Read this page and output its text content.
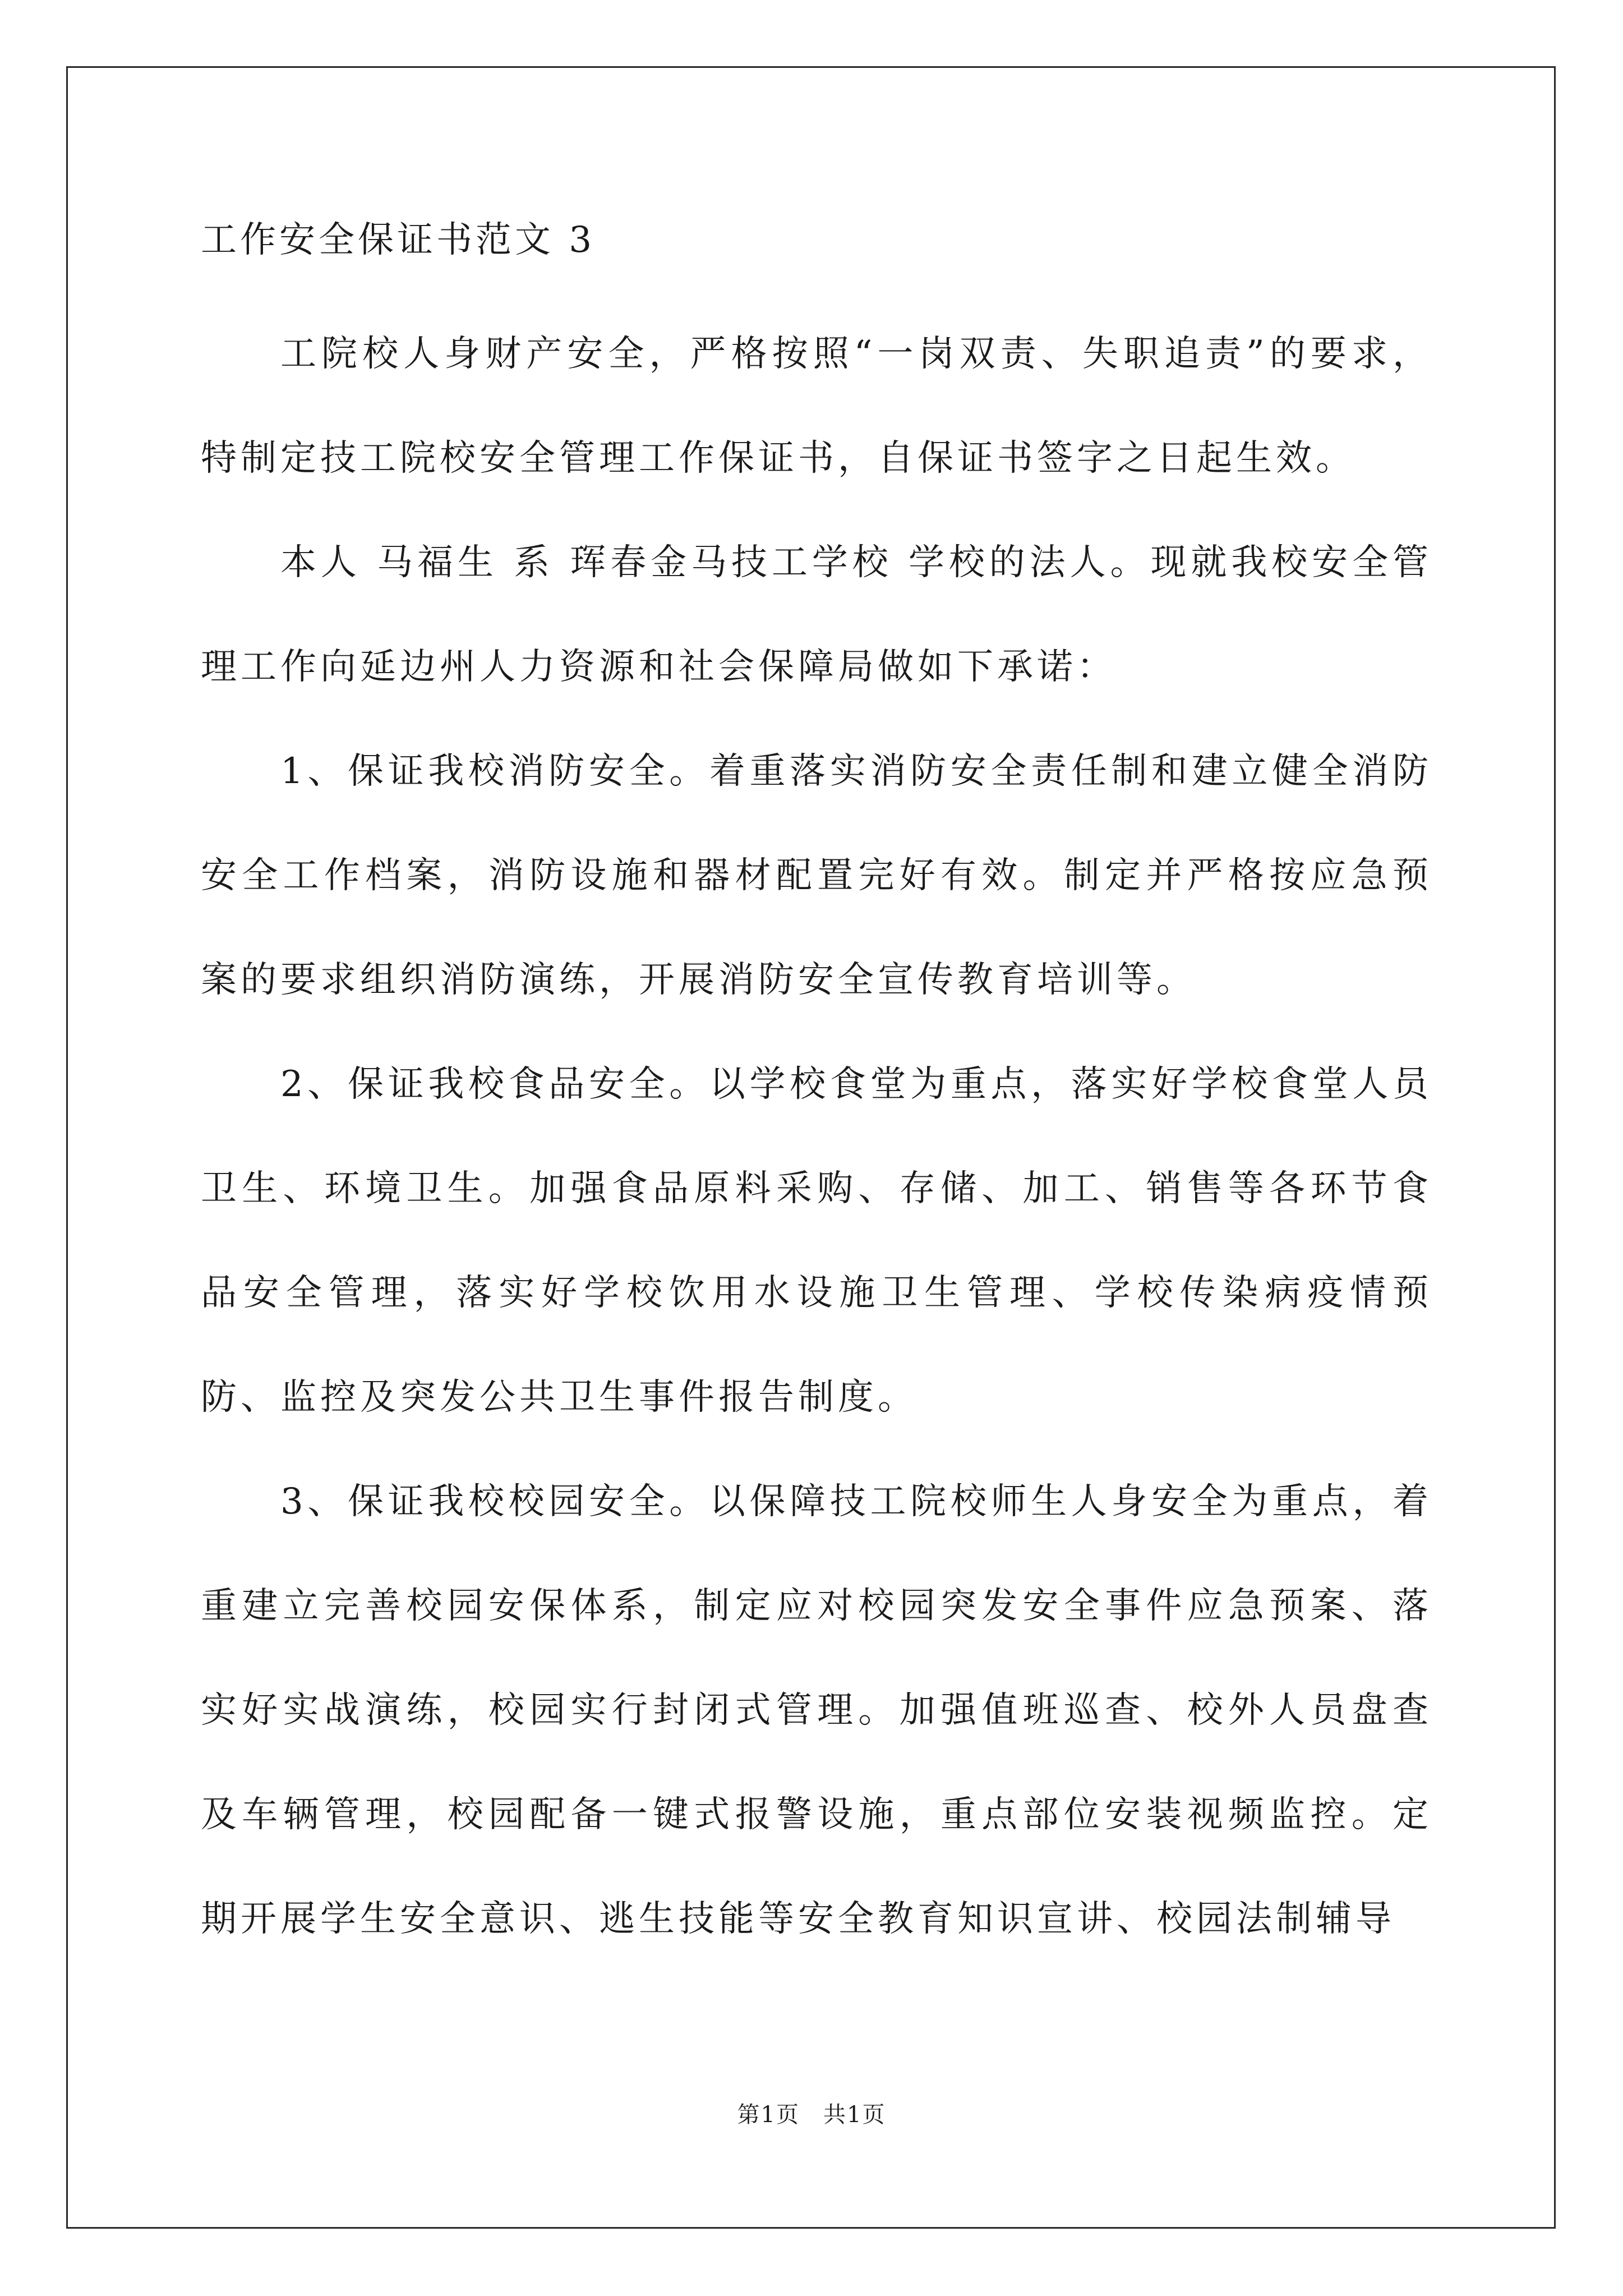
工作安全保证书范文 3

工院校人身财产安全，严格按照“一岗双责、失职追责”的要求，特制定技工院校安全管理工作保证书，自保证书签字之日起生效。

本人 马福生 系 珲春金马技工学校 学校的法人。现就我校安全管理工作向延边州人力资源和社会保障局做如下承诺：

1、保证我校消防安全。着重落实消防安全责任制和建立健全消防安全工作档案，消防设施和器材配置完好有效。制定并严格按应急预案的要求组织消防演练，开展消防安全宣传教育培训等。

2、保证我校食品安全。以学校食堂为重点，落实好学校食堂人员卫生、环境卫生。加强食品原料采购、存储、加工、销售等各环节食品安全管理，落实好学校饮用水设施卫生管理、学校传染病疫情预防、监控及突发公共卫生事件报告制度。

3、保证我校校园安全。以保障技工院校师生人身安全为重点，着重建立完善校园安保体系，制定应对校园突发安全事件应急预案、落实好实战演练，校园实行封闭式管理。加强值班巡查、校外人员盘查及车辆管理，校园配备一键式报警设施，重点部位安装视频监控。定期开展学生安全意识、逃生技能等安全教育知识宣讲、校园法制辅导

第1页　共1页
